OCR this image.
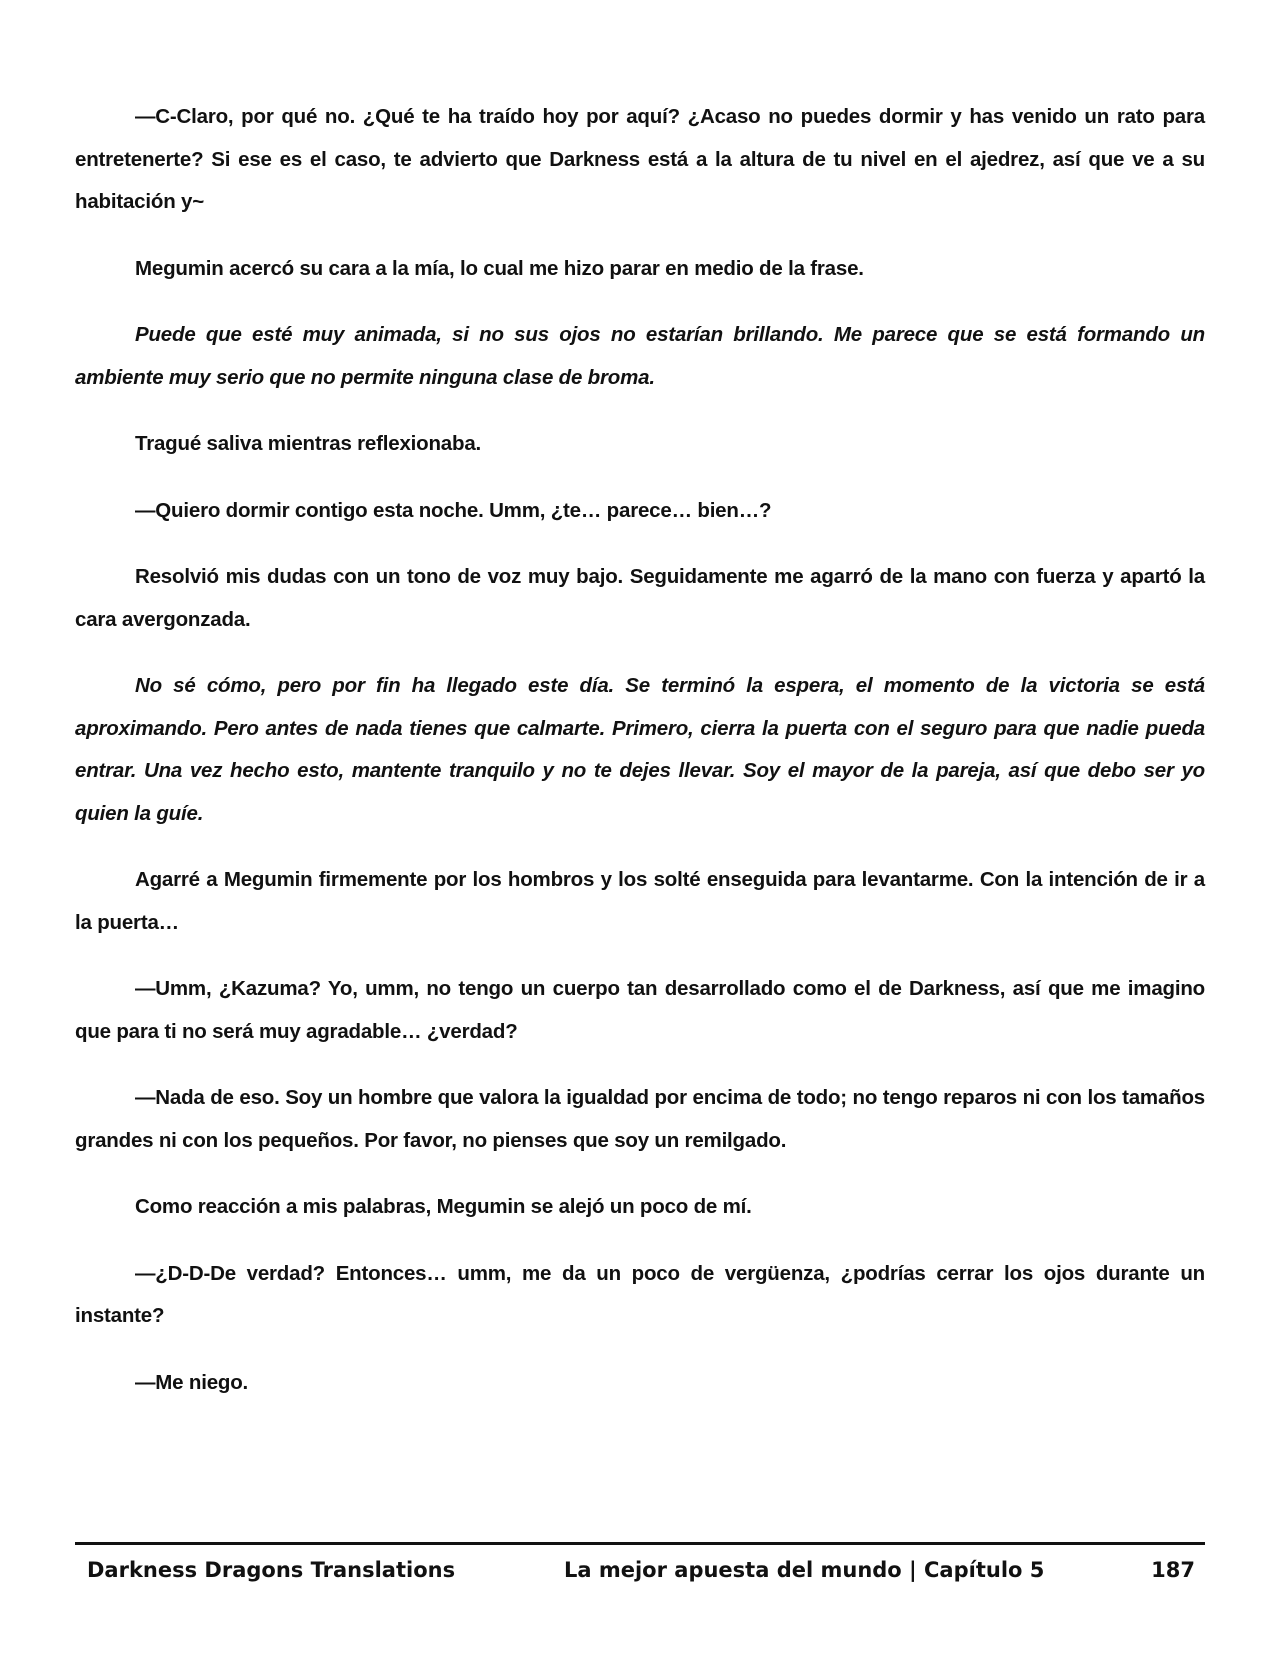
—C-Claro, por qué no. ¿Qué te ha traído hoy por aquí? ¿Acaso no puedes dormir y has venido un rato para entretenerte? Si ese es el caso, te advierto que Darkness está a la altura de tu nivel en el ajedrez, así que ve a su habitación y~

Megumin acercó su cara a la mía, lo cual me hizo parar en medio de la frase.

Puede que esté muy animada, si no sus ojos no estarían brillando. Me parece que se está formando un ambiente muy serio que no permite ninguna clase de broma.

Tragué saliva mientras reflexionaba.

—Quiero dormir contigo esta noche. Umm, ¿te… parece… bien…?

Resolvió mis dudas con un tono de voz muy bajo. Seguidamente me agarró de la mano con fuerza y apartó la cara avergonzada.

No sé cómo, pero por fin ha llegado este día. Se terminó la espera, el momento de la victoria se está aproximando. Pero antes de nada tienes que calmarte. Primero, cierra la puerta con el seguro para que nadie pueda entrar. Una vez hecho esto, mantente tranquilo y no te dejes llevar. Soy el mayor de la pareja, así que debo ser yo quien la guíe.

Agarré a Megumin firmemente por los hombros y los solté enseguida para levantarme. Con la intención de ir a la puerta…

—Umm, ¿Kazuma? Yo, umm, no tengo un cuerpo tan desarrollado como el de Darkness, así que me imagino que para ti no será muy agradable… ¿verdad?

—Nada de eso. Soy un hombre que valora la igualdad por encima de todo; no tengo reparos ni con los tamaños grandes ni con los pequeños. Por favor, no pienses que soy un remilgado.

Como reacción a mis palabras, Megumin se alejó un poco de mí.

—¿D-D-De verdad? Entonces… umm, me da un poco de vergüenza, ¿podrías cerrar los ojos durante un instante?

—Me niego.

Darkness Dragons Translations	La mejor apuesta del mundo | Capítulo 5	187
